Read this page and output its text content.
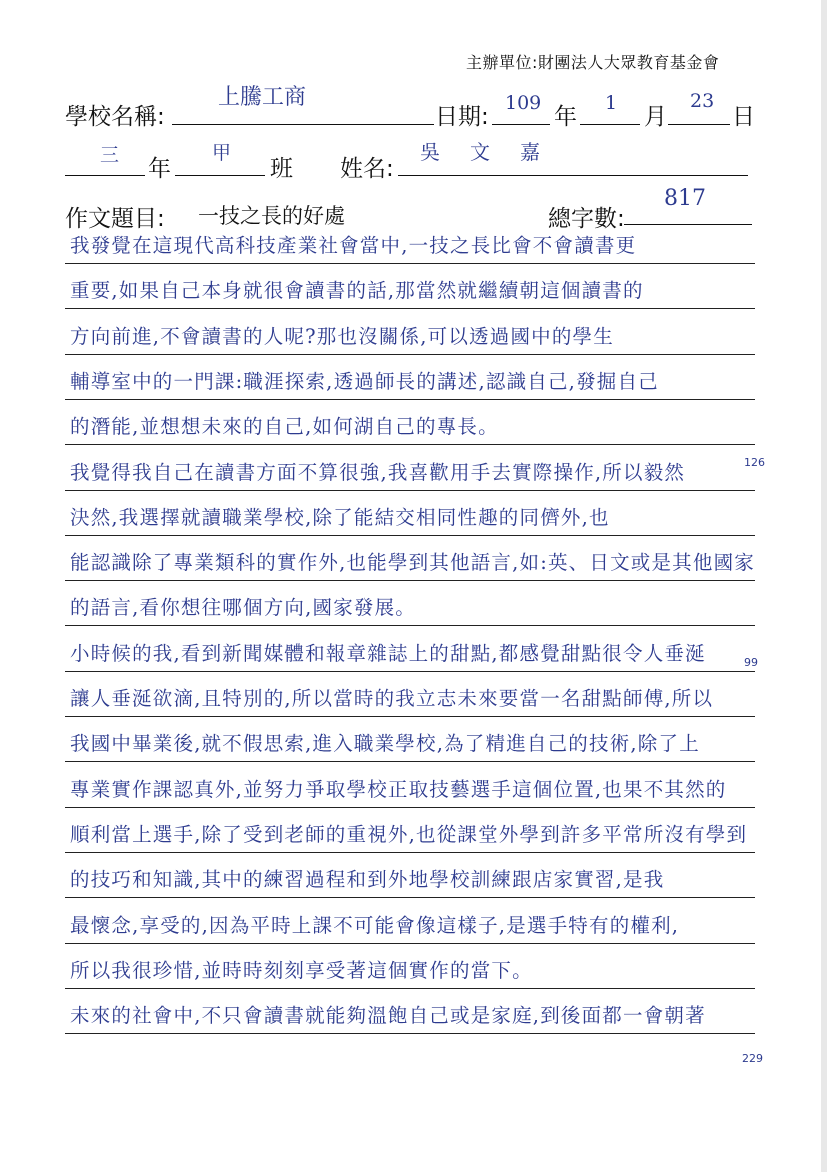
主辦單位:財團法人大眾教育基金會
學校名稱:
上騰工商
日期:
109
年
1
月
23
日
三
年
甲
班 姓名:
吳文嘉
作文題目: 一技之長的好處	總字數:
817
我發覺在這現代高科技產業社會當中,一技之長比會不會讀書更
重要,如果自己本身就很會讀書的話,那當然就繼續朝這個讀書的
方向前進,不會讀書的人呢?那也沒關係,可以透過國中的學生
輔導室中的一門課:職涯探索,透過師長的講述,認識自己,發掘自己
的潛能,並想想未來的自己,如何湖自己的專長。
我覺得我自己在讀書方面不算很強,我喜歡用手去實際操作,所以毅然
決然,我選擇就讀職業學校,除了能結交相同性趣的同儕外,也
能認識除了專業類科的實作外,也能學到其他語言,如:英、日文或是其他國家
的語言,看你想往哪個方向,國家發展。
小時候的我,看到新聞媒體和報章雜誌上的甜點,都感覺甜點很令人垂涎
讓人垂涎欲滴,且特別的,所以當時的我立志未來要當一名甜點師傅,所以
我國中畢業後,就不假思索,進入職業學校,為了精進自己的技術,除了上
專業實作課認真外,並努力爭取學校正取技藝選手這個位置,也果不其然的
順利當上選手,除了受到老師的重視外,也從課堂外學到許多平常所沒有學到
的技巧和知識,其中的練習過程和到外地學校訓練跟店家實習,是我
最懷念,享受的,因為平時上課不可能會像這樣子,是選手特有的權利,
所以我很珍惜,並時時刻刻享受著這個實作的當下。
未來的社會中,不只會讀書就能夠溫飽自己或是家庭,到後面都一會朝著
126
99
229
